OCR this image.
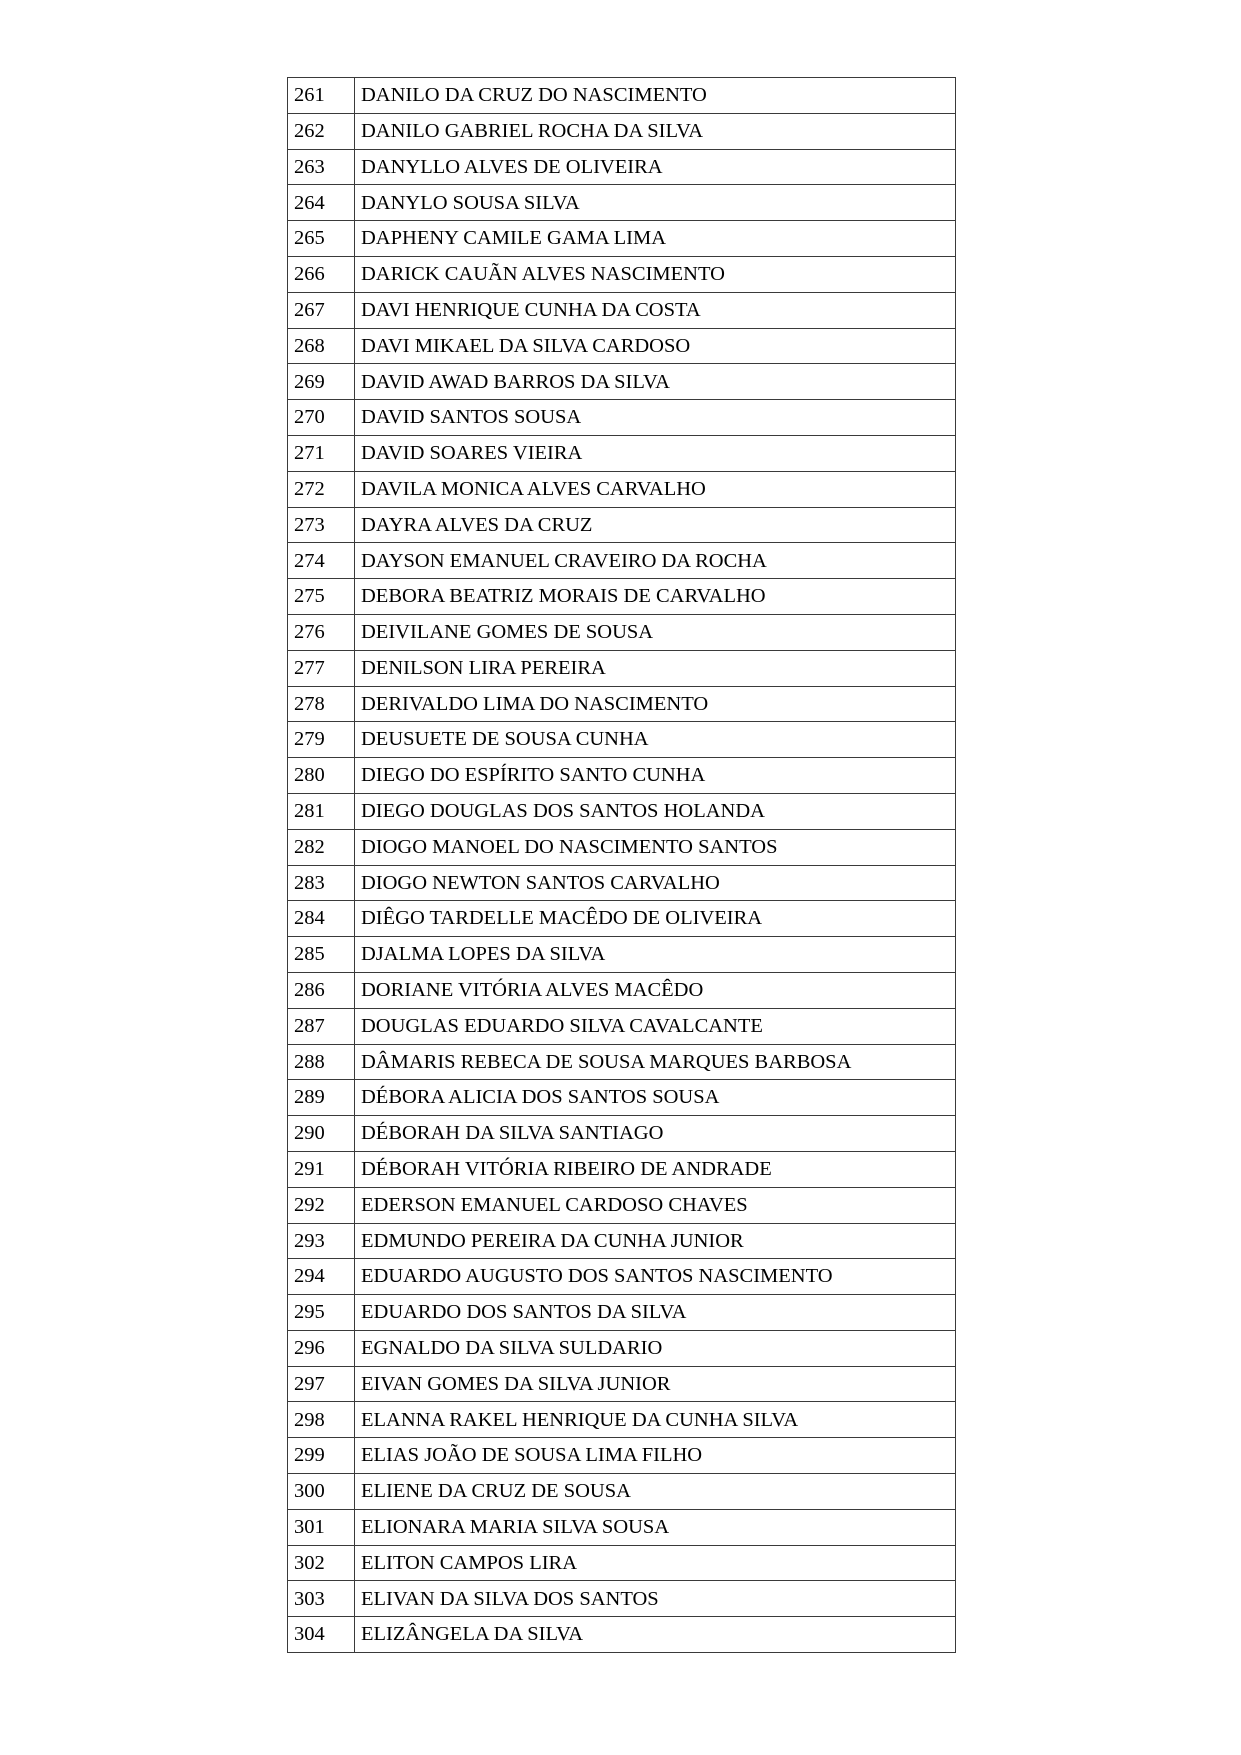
261	DANILO DA CRUZ DO NASCIMENTO
262	DANILO GABRIEL ROCHA DA SILVA
263	DANYLLO ALVES DE OLIVEIRA
264	DANYLO SOUSA SILVA
265	DAPHENY CAMILE GAMA LIMA
266	DARICK CAUÃN ALVES NASCIMENTO
267	DAVI HENRIQUE CUNHA DA COSTA
268	DAVI MIKAEL DA SILVA CARDOSO
269	DAVID AWAD BARROS DA SILVA
270	DAVID SANTOS SOUSA
271	DAVID SOARES VIEIRA
272	DAVILA MONICA ALVES CARVALHO
273	DAYRA ALVES DA CRUZ
274	DAYSON EMANUEL CRAVEIRO DA ROCHA
275	DEBORA BEATRIZ MORAIS DE CARVALHO
276	DEIVILANE GOMES DE SOUSA
277	DENILSON LIRA PEREIRA
278	DERIVALDO LIMA DO NASCIMENTO
279	DEUSUETE DE SOUSA CUNHA
280	DIEGO DO ESPÍRITO SANTO CUNHA
281	DIEGO DOUGLAS DOS SANTOS HOLANDA
282	DIOGO MANOEL DO NASCIMENTO SANTOS
283	DIOGO NEWTON SANTOS CARVALHO
284	DIÊGO TARDELLE MACÊDO DE OLIVEIRA
285	DJALMA LOPES DA SILVA
286	DORIANE VITÓRIA ALVES MACÊDO
287	DOUGLAS EDUARDO SILVA CAVALCANTE
288	DÂMARIS REBECA DE SOUSA MARQUES BARBOSA
289	DÉBORA ALICIA DOS SANTOS SOUSA
290	DÉBORAH DA SILVA SANTIAGO
291	DÉBORAH VITÓRIA RIBEIRO DE ANDRADE
292	EDERSON EMANUEL CARDOSO CHAVES
293	EDMUNDO PEREIRA DA CUNHA JUNIOR
294	EDUARDO AUGUSTO DOS SANTOS NASCIMENTO
295	EDUARDO DOS SANTOS DA SILVA
296	EGNALDO DA SILVA SULDARIO
297	EIVAN GOMES DA SILVA JUNIOR
298	ELANNA RAKEL HENRIQUE DA CUNHA SILVA
299	ELIAS JOÃO DE SOUSA LIMA FILHO
300	ELIENE DA CRUZ DE SOUSA
301	ELIONARA MARIA SILVA SOUSA
302	ELITON CAMPOS LIRA
303	ELIVAN DA SILVA DOS SANTOS
304	ELIZÂNGELA DA SILVA
